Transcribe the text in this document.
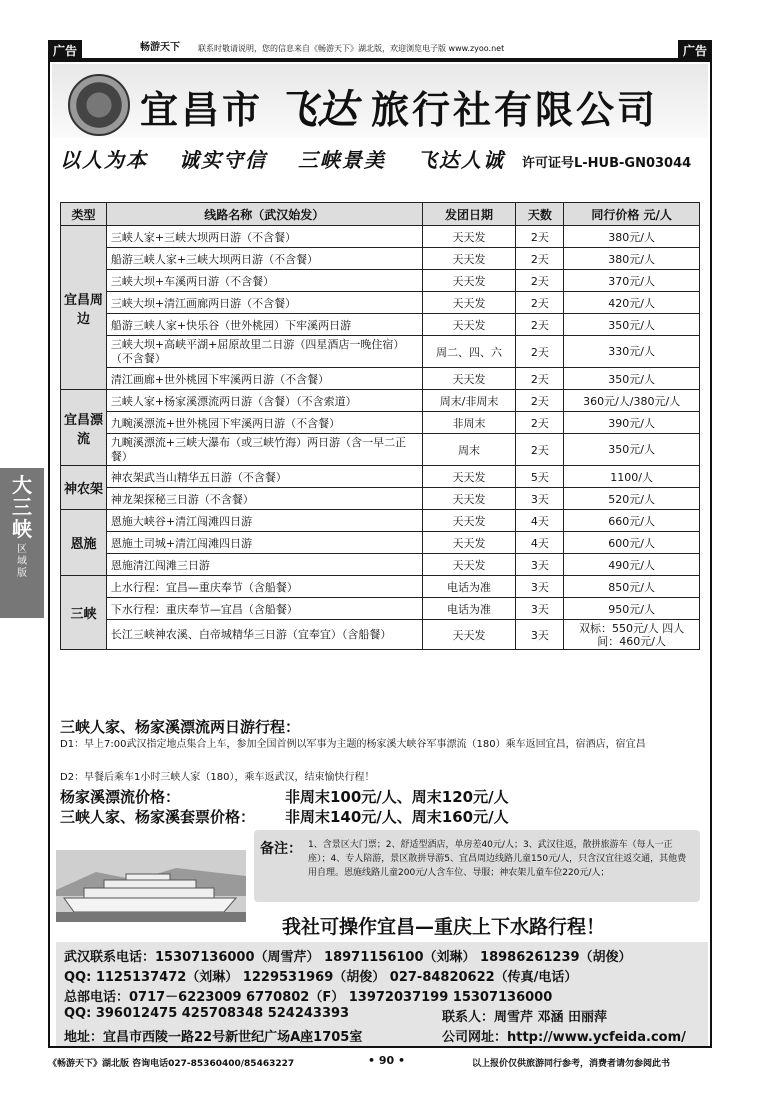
广告	畅游天下 联系时敬请说明，您的信息来自《畅游天下》湖北版，欢迎浏览电子版 www.zyoo.net	广告
宜昌市 飞达 旅行社有限公司
以人为本 诚实守信 三峡景美 飞达人诚	许可证号L-HUB-GN03044
类型	线路名称（武汉始发）	发团日期	天数	同行价格 元/人
宜昌周边	三峡人家+三峡大坝两日游（不含餐）	天天发	2天	380元/人
	船游三峡人家+三峡大坝两日游（不含餐）	天天发	2天	380元/人
	三峡大坝+车溪两日游（不含餐）	天天发	2天	370元/人
	三峡大坝+清江画廊两日游（不含餐）	天天发	2天	420元/人
	船游三峡人家+快乐谷（世外桃园）下牢溪两日游	天天发	2天	350元/人
	三峡大坝+高峡平湖+屈原故里二日游（四星酒店一晚住宿）（不含餐）	周二、四、六	2天	330元/人
	清江画廊+世外桃园下牢溪两日游（不含餐）	天天发	2天	350元/人
宜昌漂流	三峡人家+杨家溪漂流两日游（含餐）（不含索道）	周末/非周末	2天	360元/人/380元/人
	九畹溪漂流+世外桃园下牢溪两日游（不含餐）	非周末	2天	390元/人
	九畹溪漂流+三峡大瀑布（或三峡竹海）两日游（含一早二正餐）	周末	2天	350元/人
神农架	神农架武当山精华五日游（不含餐）	天天发	5天	1100/人
	神龙架探秘三日游（不含餐）	天天发	3天	520元/人
恩施	恩施大峡谷+清江闯滩四日游	天天发	4天	660元/人
	恩施土司城+清江闯滩四日游	天天发	4天	600元/人
	恩施清江闯滩三日游	天天发	3天	490元/人
三峡	上水行程：宜昌—重庆奉节（含船餐）	电话为准	3天	850元/人
	下水行程：重庆奉节—宜昌（含船餐）	电话为准	3天	950元/人
	长江三峡神农溪、白帝城精华三日游（宜奉宜）（含船餐）	天天发	3天	双标：550元/人 四人间：460元/人
大
三
峡
区
域
版
三峡人家、杨家溪漂流两日游行程：
D1：早上7:00武汉指定地点集合上车，参加全国首例以军事为主题的杨家溪大峡谷军事漂流（180）乘车返回宜昌，宿酒店，宿宜昌
D2：早餐后乘车1小时三峡人家（180），乘车返武汉，结束愉快行程！
杨家溪漂流价格：	非周末100元/人、周末120元/人
三峡人家、杨家溪套票价格： 非周末140元/人、周末160元/人
备注： 1、含景区大门票；2、舒适型酒店，单房差40元/人；3、武汉往返，散拼旅游车（每人一正座）；4、专人陪游，景区散拼导游5、宜昌周边线路儿童150元/人，只含汉宜往返交通，其他费用自理。恩施线路儿童200元/人含车位、导服；神农架儿童车位220元/人；
我社可操作宜昌—重庆上下水路行程！
武汉联系电话：15307136000（周雪芹） 18971156100（刘琳） 18986261239（胡俊）
QQ: 1125137472（刘琳） 1229531969（胡俊） 027-84820622（传真/电话）
总部电话：0717－6223009 6770802（F） 13972037199 15307136000
QQ: 396012475 425708348 524243393	联系人：周雪芹 邓涵 田丽萍
地址：宜昌市西陵一路22号新世纪广场A座1705室	公司网址：http://www.ycfeida.com/
《畅游天下》湖北版 咨询电话027-85360400/85463227	• 90 •	以上报价仅供旅游同行参考，消费者请勿参阅此书
